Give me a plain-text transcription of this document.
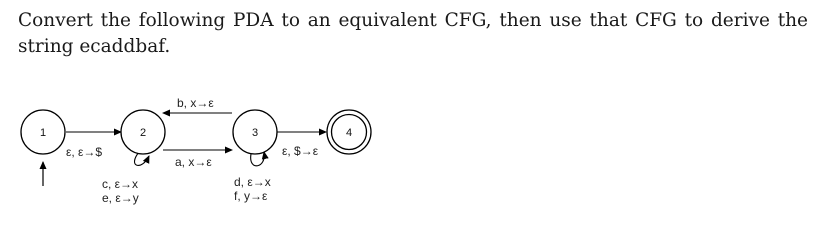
Convert the following PDA to an equivalent CFG, then use that CFG to derive the string ecaddbaf.

1	2	3	4
ε, ε→$
b, x→ε
a, x→ε
ε, $→ε
c, ε→x
e, ε→y
d, ε→x
f, y→ε
